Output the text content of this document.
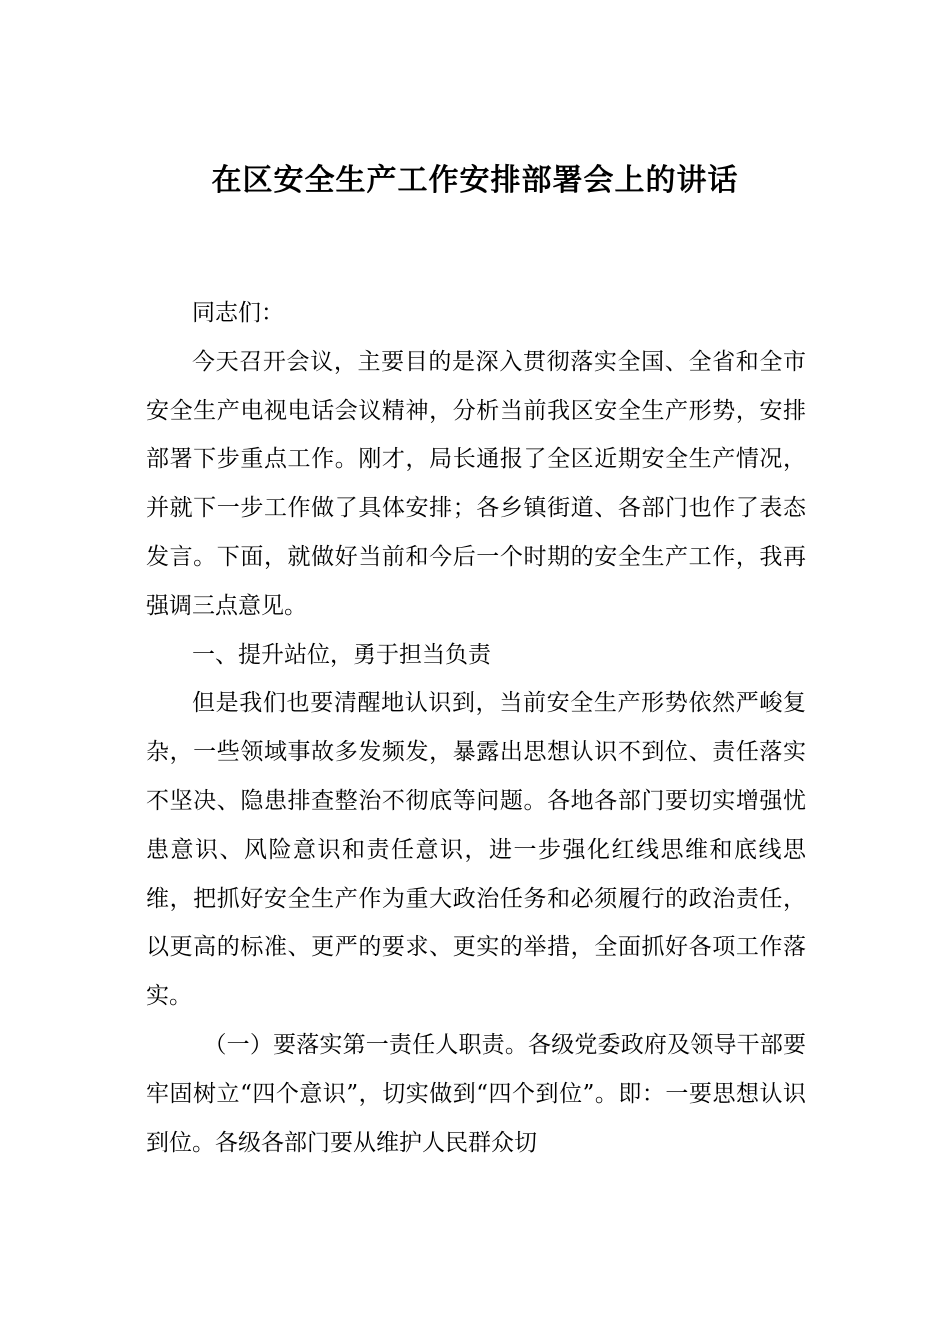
在区安全生产工作安排部署会上的讲话

同志们：

今天召开会议，主要目的是深入贯彻落实全国、全省和全市安全生产电视电话会议精神，分析当前我区安全生产形势，安排部署下步重点工作。刚才，局长通报了全区近期安全生产情况，并就下一步工作做了具体安排；各乡镇街道、各部门也作了表态发言。下面，就做好当前和今后一个时期的安全生产工作，我再强调三点意见。

一、提升站位，勇于担当负责

但是我们也要清醒地认识到，当前安全生产形势依然严峻复杂，一些领域事故多发频发，暴露出思想认识不到位、责任落实不坚决、隐患排查整治不彻底等问题。各地各部门要切实增强忧患意识、风险意识和责任意识，进一步强化红线思维和底线思维，把抓好安全生产作为重大政治任务和必须履行的政治责任，以更高的标准、更严的要求、更实的举措，全面抓好各项工作落实。

（一）要落实第一责任人职责。各级党委政府及领导干部要牢固树立“四个意识”，切实做到“四个到位”。即：一要思想认识到位。各级各部门要从维护人民群众切
